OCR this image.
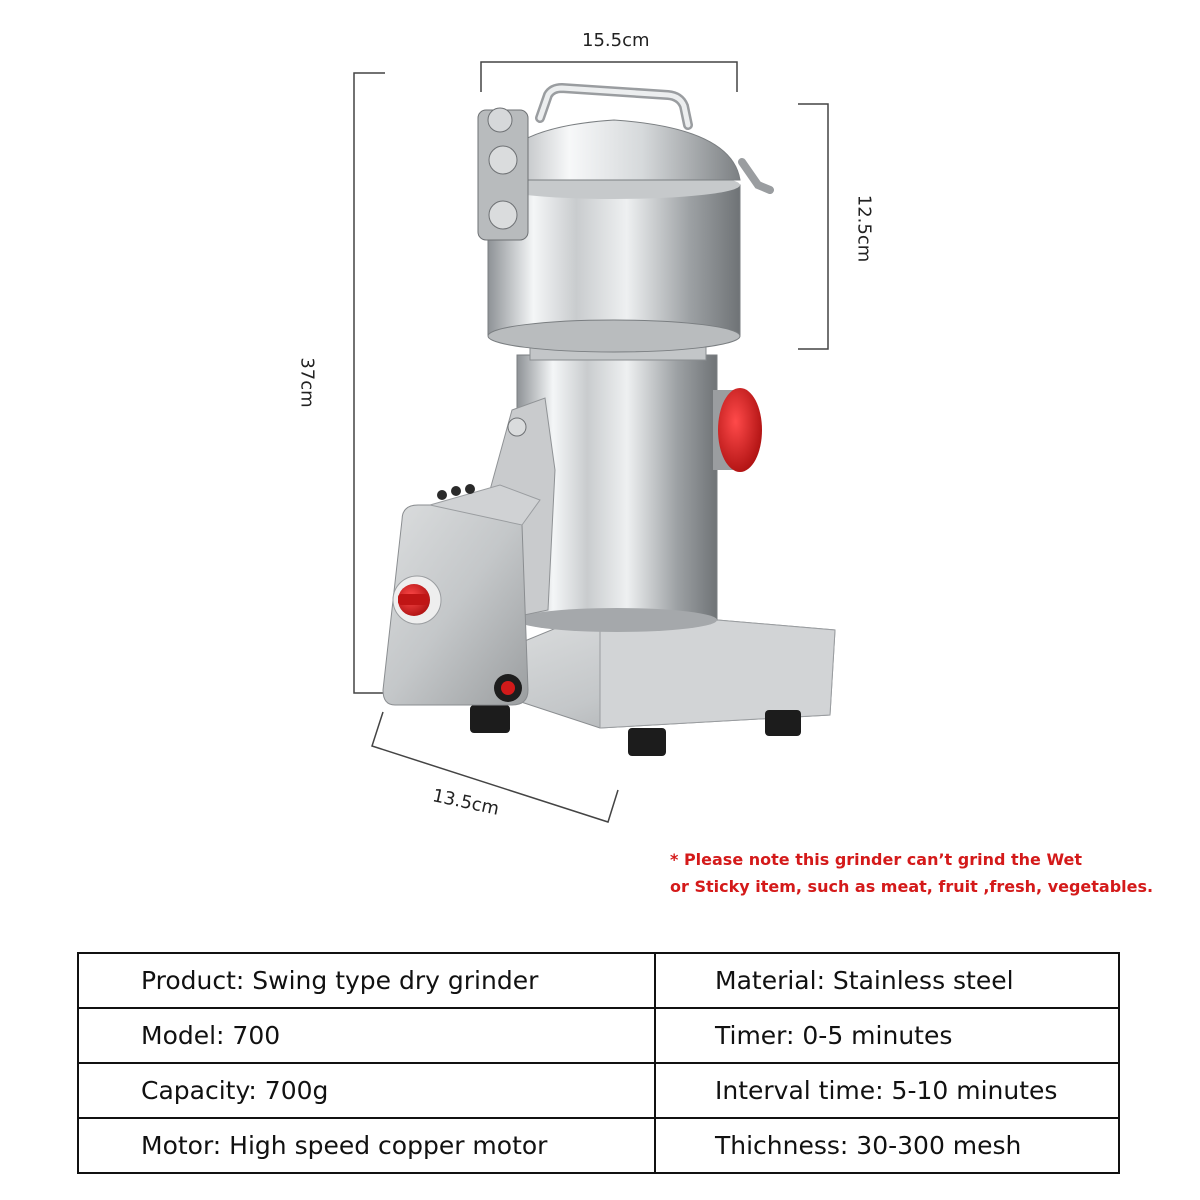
15.5cm
37cm
12.5cm
13.5cm
* Please note this grinder can’t grind the Wet
or Sticky item, such as meat, fruit ,fresh, vegetables.
Product: Swing type dry grinder	Material: Stainless steel
Model: 700	Timer: 0-5 minutes
Capacity: 700g	Interval time: 5-10 minutes
Motor: High speed copper motor	Thichness: 30-300 mesh
